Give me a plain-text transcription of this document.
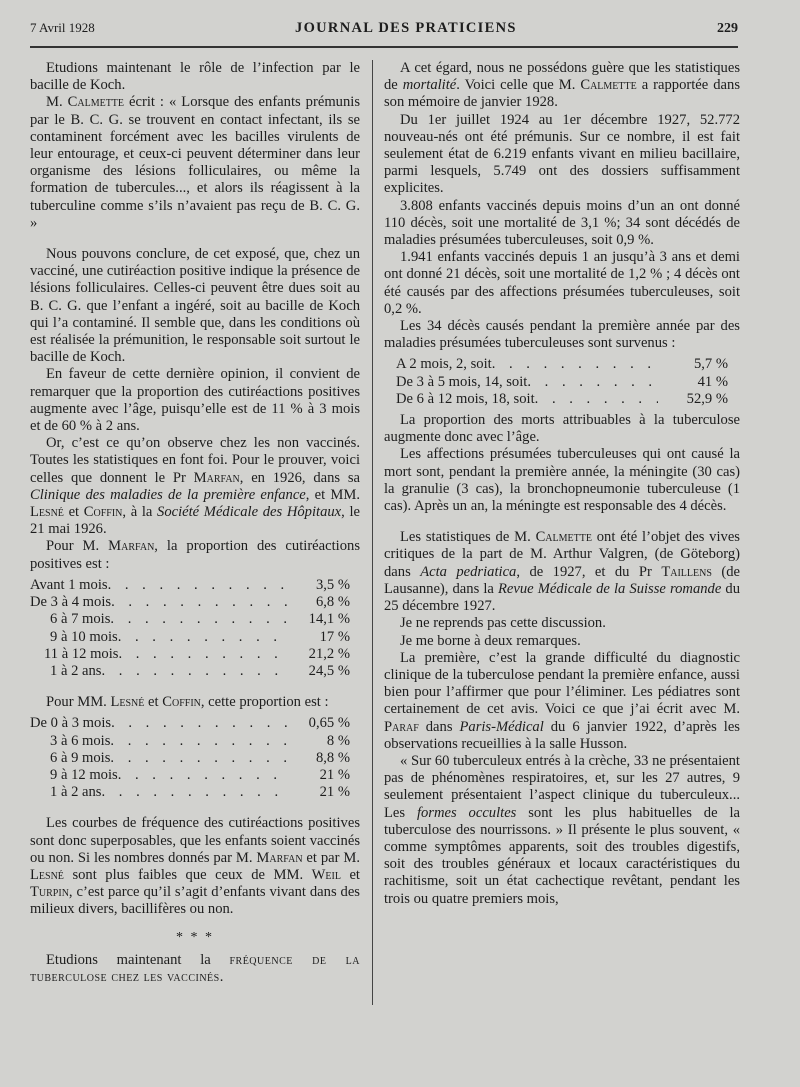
7 Avril 1928	JOURNAL DES PRATICIENS	229

Etudions maintenant le rôle de l’infection par le bacille de Koch.

M. Calmette écrit : « Lorsque des enfants prémunis par le B. C. G. se trouvent en contact infectant, ils se contaminent forcément avec les bacilles virulents de leur entourage, et ceux-ci peuvent déterminer dans leur organisme des lésions folliculaires, ou même la formation de tubercules..., et alors ils réagissent à la tuberculine comme s’ils n’avaient pas reçu de B. C. G. »

Nous pouvons conclure, de cet exposé, que, chez un vacciné, une cutiréaction positive indique la présence de lésions folliculaires. Celles-ci peuvent être dues soit au B. C. G. que l’enfant a ingéré, soit au bacille de Koch qui l’a contaminé. Il semble que, dans les conditions où est réalisée la prémunition, le responsable soit surtout le bacille de Koch.

En faveur de cette dernière opinion, il convient de remarquer que la proportion des cutiréactions positives augmente avec l’âge, puisqu’elle est de 11 % à 3 mois et de 60 % à 2 ans.

Or, c’est ce qu’on observe chez les non vaccinés. Toutes les statistiques en font foi. Pour le prouver, voici celles que donnent le Pr Marfan, en 1926, dans sa Clinique des maladies de la première enfance, et MM. Lesné et Coffin, à la Société Médicale des Hôpitaux, le 21 mai 1926.

Pour M. Marfan, la proportion des cutiréactions positives est :

Avant 1 mois . . .	3,5 %
De 3 à 4 mois . . .	6,8 %
6 à 7 mois . . .	14,1 %
9 à 10 mois . . .	17 %
11 à 12 mois . . .	21,2 %
1 à 2 ans . . .	24,5 %

Pour MM. Lesné et Coffin, cette proportion est :

De 0 à 3 mois . . .	0,65 %
3 à 6 mois . . .	8 %
6 à 9 mois . . .	8,8 %
9 à 12 mois . . .	21 %
1 à 2 ans . . .	21 %

Les courbes de fréquence des cutiréactions positives sont donc superposables, que les enfants soient vaccinés ou non. Si les nombres donnés par M. Marfan et par M. Lesné sont plus faibles que ceux de MM. Weil et Turpin, c’est parce qu’il s’agit d’enfants vivant dans des milieux divers, bacillifères ou non.

* * *

Etudions maintenant la fréquence de la tuberculose chez les vaccinés.

A cet égard, nous ne possédons guère que les statistiques de mortalité. Voici celle que M. Calmette a rapportée dans son mémoire de janvier 1928.

Du 1er juillet 1924 au 1er décembre 1927, 52.772 nouveau-nés ont été prémunis. Sur ce nombre, il est fait seulement état de 6.219 enfants vivant en milieu bacillaire, parmi lesquels, 5.749 ont des dossiers suffisamment explicites.

3.808 enfants vaccinés depuis moins d’un an ont donné 110 décès, soit une mortalité de 3,1 %; 34 sont décédés de maladies présumées tuberculeuses, soit 0,9 %.

1.941 enfants vaccinés depuis 1 an jusqu’à 3 ans et demi ont donné 21 décès, soit une mortalité de 1,2 % ; 4 décès ont été causés par des affections présumées tuberculeuses, soit 0,2 %.

Les 34 décès causés pendant la première année par des maladies présumées tuberculeuses sont survenus :

A 2 mois, 2, soit . . .	5,7 %
De 3 à 5 mois, 14, soit . . .	41 %
De 6 à 12 mois, 18, soit . . .	52,9 %

La proportion des morts attribuables à la tuberculose augmente donc avec l’âge.

Les affections présumées tuberculeuses qui ont causé la mort sont, pendant la première année, la méningite (30 cas) la granulie (3 cas), la bronchopneumonie tuberculeuse (1 cas). Après un an, la méningte est responsable des 4 décès.

Les statistiques de M. Calmette ont été l’objet des vives critiques de la part de M. Arthur Valgren, (de Göteborg) dans Acta pedriatica, de 1927, et du Pr Taillens (de Lausanne), dans la Revue Médicale de la Suisse romande du 25 décembre 1927.

Je ne reprends pas cette discussion.

Je me borne à deux remarques.

La première, c’est la grande difficulté du diagnostic clinique de la tuberculose pendant la première enfance, aussi bien pour l’affirmer que pour l’éliminer. Les pédiatres sont certainement de cet avis. Voici ce que j’ai écrit avec M. Paraf dans Paris-Médical du 6 janvier 1922, d’après les observations recueillies à la salle Husson.

« Sur 60 tuberculeux entrés à la crèche, 33 ne présentaient pas de phénomènes respiratoires, et, sur les 27 autres, 9 seulement présentaient l’aspect clinique du tuberculeux... Les formes occultes sont les plus habituelles de la tuberculose des nourrissons. » Il présente le plus souvent, « comme symptômes apparents, soit des troubles digestifs, soit des troubles généraux et locaux caractéristiques du rachitisme, soit un état cachectique revêtant, pendant les trois ou quatre premiers mois,
